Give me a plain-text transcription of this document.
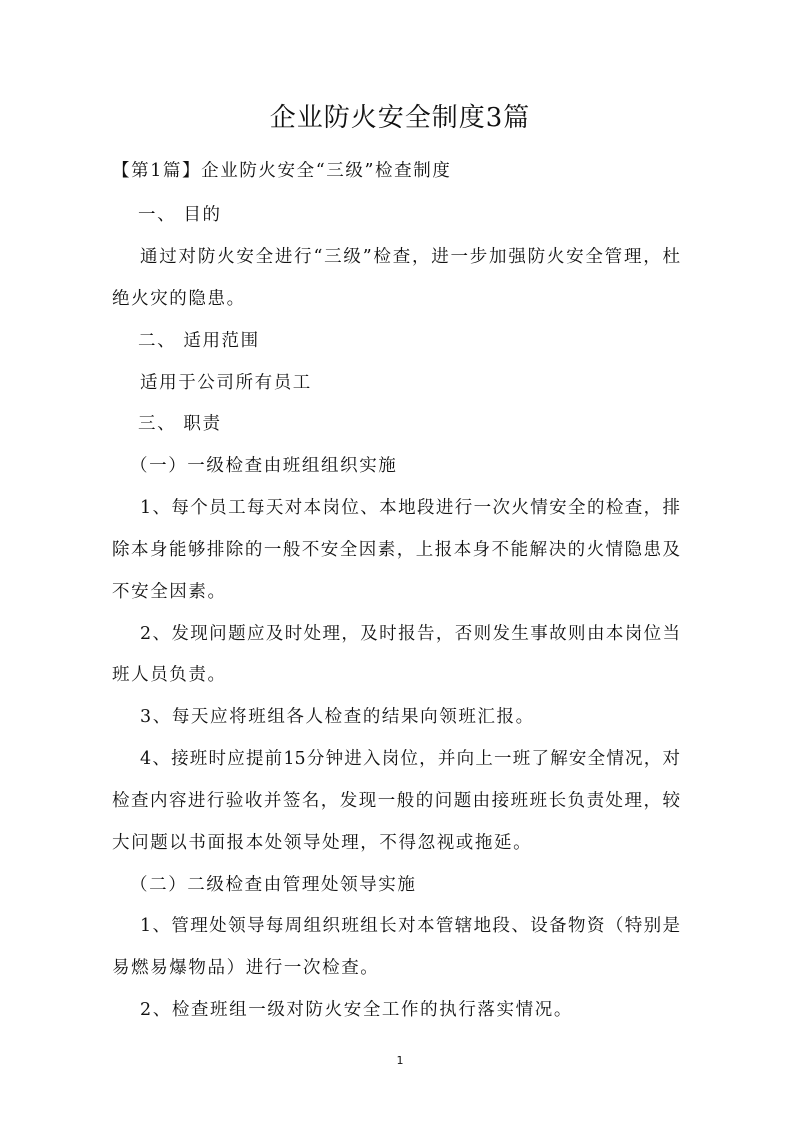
企业防火安全制度3篇
【第1篇】企业防火安全“三级”检查制度
一、 目的
通过对防火安全进行“三级”检查，进一步加强防火安全管理，杜
绝火灾的隐患。
二、 适用范围
适用于公司所有员工
三、 职责
（一）一级检查由班组组织实施
1、每个员工每天对本岗位、本地段进行一次火情安全的检查，排
除本身能够排除的一般不安全因素，上报本身不能解决的火情隐患及
不安全因素。
2、发现问题应及时处理，及时报告，否则发生事故则由本岗位当
班人员负责。
3、每天应将班组各人检查的结果向领班汇报。
4、接班时应提前15分钟进入岗位，并向上一班了解安全情况，对
检查内容进行验收并签名，发现一般的问题由接班班长负责处理，较
大问题以书面报本处领导处理，不得忽视或拖延。
（二）二级检查由管理处领导实施
1、管理处领导每周组织班组长对本管辖地段、设备物资（特别是
易燃易爆物品）进行一次检查。
2、检查班组一级对防火安全工作的执行落实情况。
1
